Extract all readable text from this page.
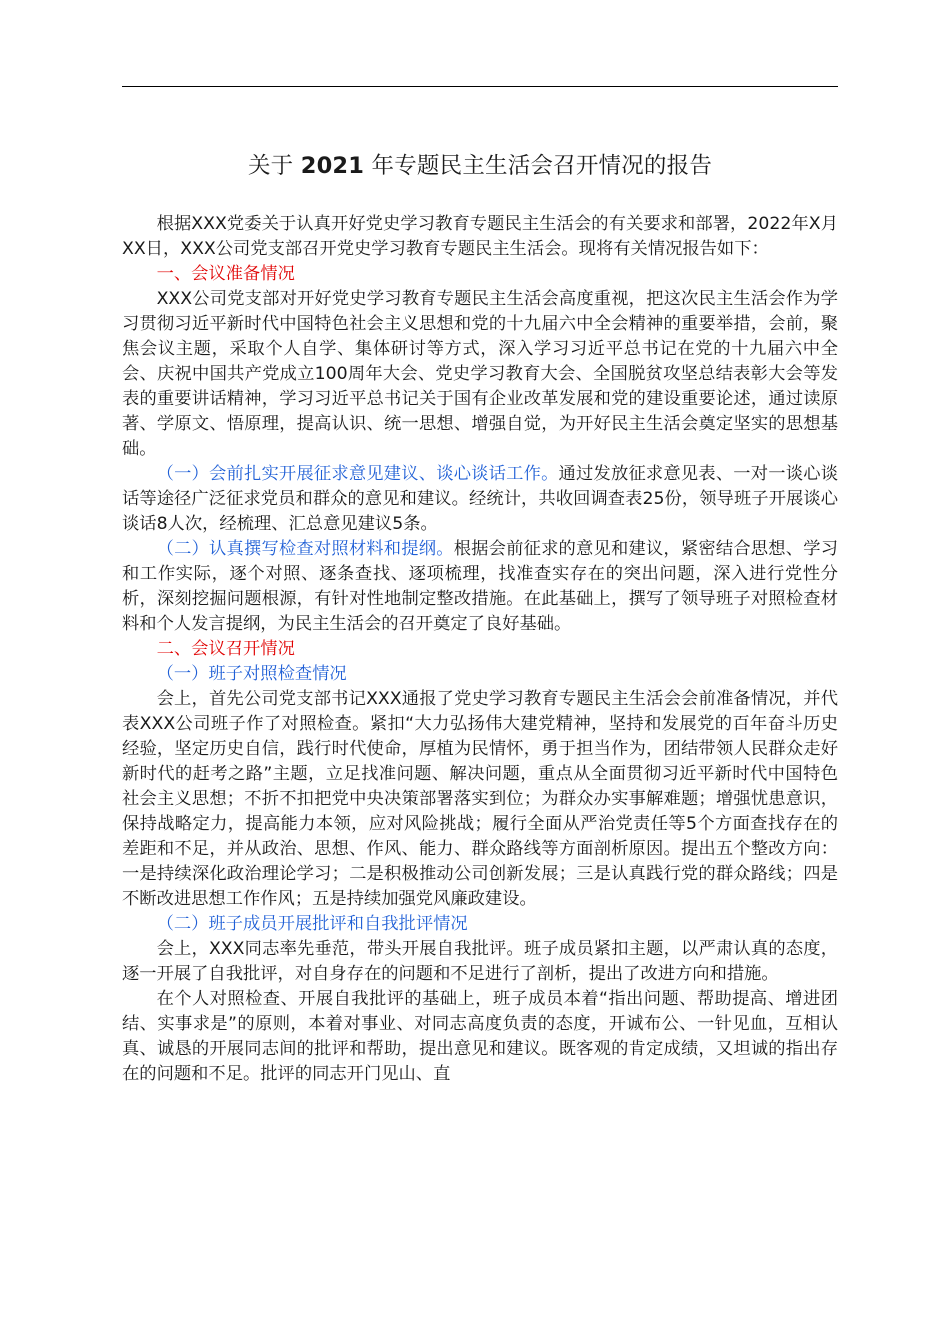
关于 2021 年专题民主生活会召开情况的报告

根据XXX党委关于认真开好党史学习教育专题民主生活会的有关要求和部署，2022年X月XX日，XXX公司党支部召开党史学习教育专题民主生活会。现将有关情况报告如下：

一、会议准备情况

XXX公司党支部对开好党史学习教育专题民主生活会高度重视，把这次民主生活会作为学习贯彻习近平新时代中国特色社会主义思想和党的十九届六中全会精神的重要举措，会前，聚焦会议主题，采取个人自学、集体研讨等方式，深入学习习近平总书记在党的十九届六中全会、庆祝中国共产党成立100周年大会、党史学习教育大会、全国脱贫攻坚总结表彰大会等发表的重要讲话精神，学习习近平总书记关于国有企业改革发展和党的建设重要论述，通过读原著、学原文、悟原理，提高认识、统一思想、增强自觉，为开好民主生活会奠定坚实的思想基础。

（一）会前扎实开展征求意见建议、谈心谈话工作。通过发放征求意见表、一对一谈心谈话等途径广泛征求党员和群众的意见和建议。经统计，共收回调查表25份，领导班子开展谈心谈话8人次，经梳理、汇总意见建议5条。

（二）认真撰写检查对照材料和提纲。根据会前征求的意见和建议，紧密结合思想、学习和工作实际，逐个对照、逐条查找、逐项梳理，找准查实存在的突出问题，深入进行党性分析，深刻挖掘问题根源，有针对性地制定整改措施。在此基础上，撰写了领导班子对照检查材料和个人发言提纲，为民主生活会的召开奠定了良好基础。

二、会议召开情况

（一）班子对照检查情况

会上，首先公司党支部书记XXX通报了党史学习教育专题民主生活会会前准备情况，并代表XXX公司班子作了对照检查。紧扣“大力弘扬伟大建党精神，坚持和发展党的百年奋斗历史经验，坚定历史自信，践行时代使命，厚植为民情怀，勇于担当作为，团结带领人民群众走好新时代的赶考之路”主题，立足找准问题、解决问题，重点从全面贯彻习近平新时代中国特色社会主义思想；不折不扣把党中央决策部署落实到位；为群众办实事解难题；增强忧患意识，保持战略定力，提高能力本领，应对风险挑战；履行全面从严治党责任等5个方面查找存在的差距和不足，并从政治、思想、作风、能力、群众路线等方面剖析原因。提出五个整改方向：一是持续深化政治理论学习；二是积极推动公司创新发展；三是认真践行党的群众路线；四是不断改进思想工作作风；五是持续加强党风廉政建设。

（二）班子成员开展批评和自我批评情况

会上，XXX同志率先垂范，带头开展自我批评。班子成员紧扣主题，以严肃认真的态度，逐一开展了自我批评，对自身存在的问题和不足进行了剖析，提出了改进方向和措施。

在个人对照检查、开展自我批评的基础上，班子成员本着“指出问题、帮助提高、增进团结、实事求是”的原则，本着对事业、对同志高度负责的态度，开诚布公、一针见血，互相认真、诚恳的开展同志间的批评和帮助，提出意见和建议。既客观的肯定成绩，又坦诚的指出存在的问题和不足。批评的同志开门见山、直
